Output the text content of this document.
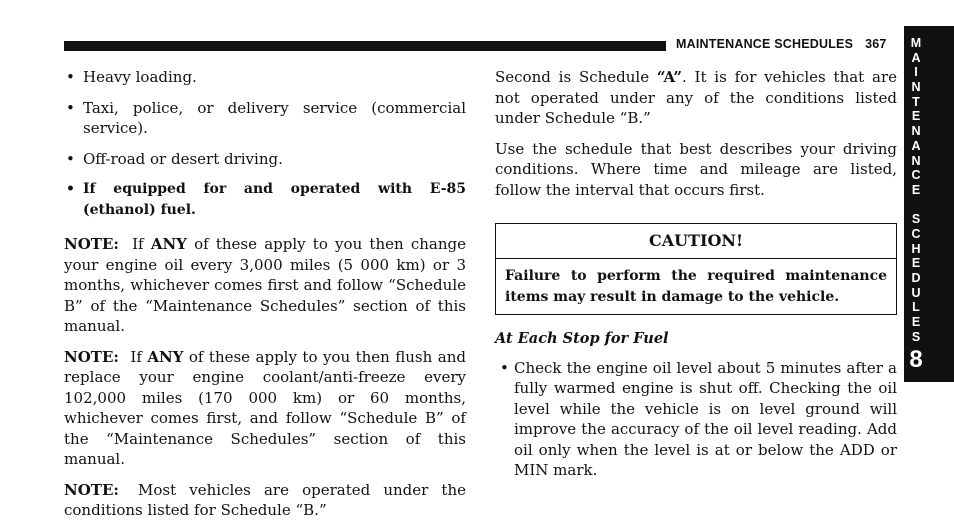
MAINTENANCE SCHEDULES 367	M
A
I
N
T
E
N
A
N
C
E
S
C
H
E
D
U
L
E
S
8
• Heavy loading.
• Taxi, police, or delivery service (commercial service).
• Off-road or desert driving.
• If equipped for and operated with E-85 (ethanol) fuel.

NOTE: If ANY of these apply to you then change your engine oil every 3,000 miles (5 000 km) or 3 months, whichever comes first and follow “Schedule B” of the “Maintenance Schedules” section of this manual.

NOTE: If ANY of these apply to you then flush and replace your engine coolant/anti-freeze every 102,000 miles (170 000 km) or 60 months, whichever comes first, and follow “Schedule B” of the “Maintenance Schedules” section of this manual.

NOTE: Most vehicles are operated under the conditions listed for Schedule “B.”

Second is Schedule “A”. It is for vehicles that are not operated under any of the conditions listed under Schedule “B.”

Use the schedule that best describes your driving conditions. Where time and mileage are listed, follow the interval that occurs first.

CAUTION!
Failure to perform the required maintenance items may result in damage to the vehicle.
At Each Stop for Fuel
• Check the engine oil level about 5 minutes after a fully warmed engine is shut off. Checking the oil level while the vehicle is on level ground will improve the accuracy of the oil level reading. Add oil only when the level is at or below the ADD or MIN mark.
